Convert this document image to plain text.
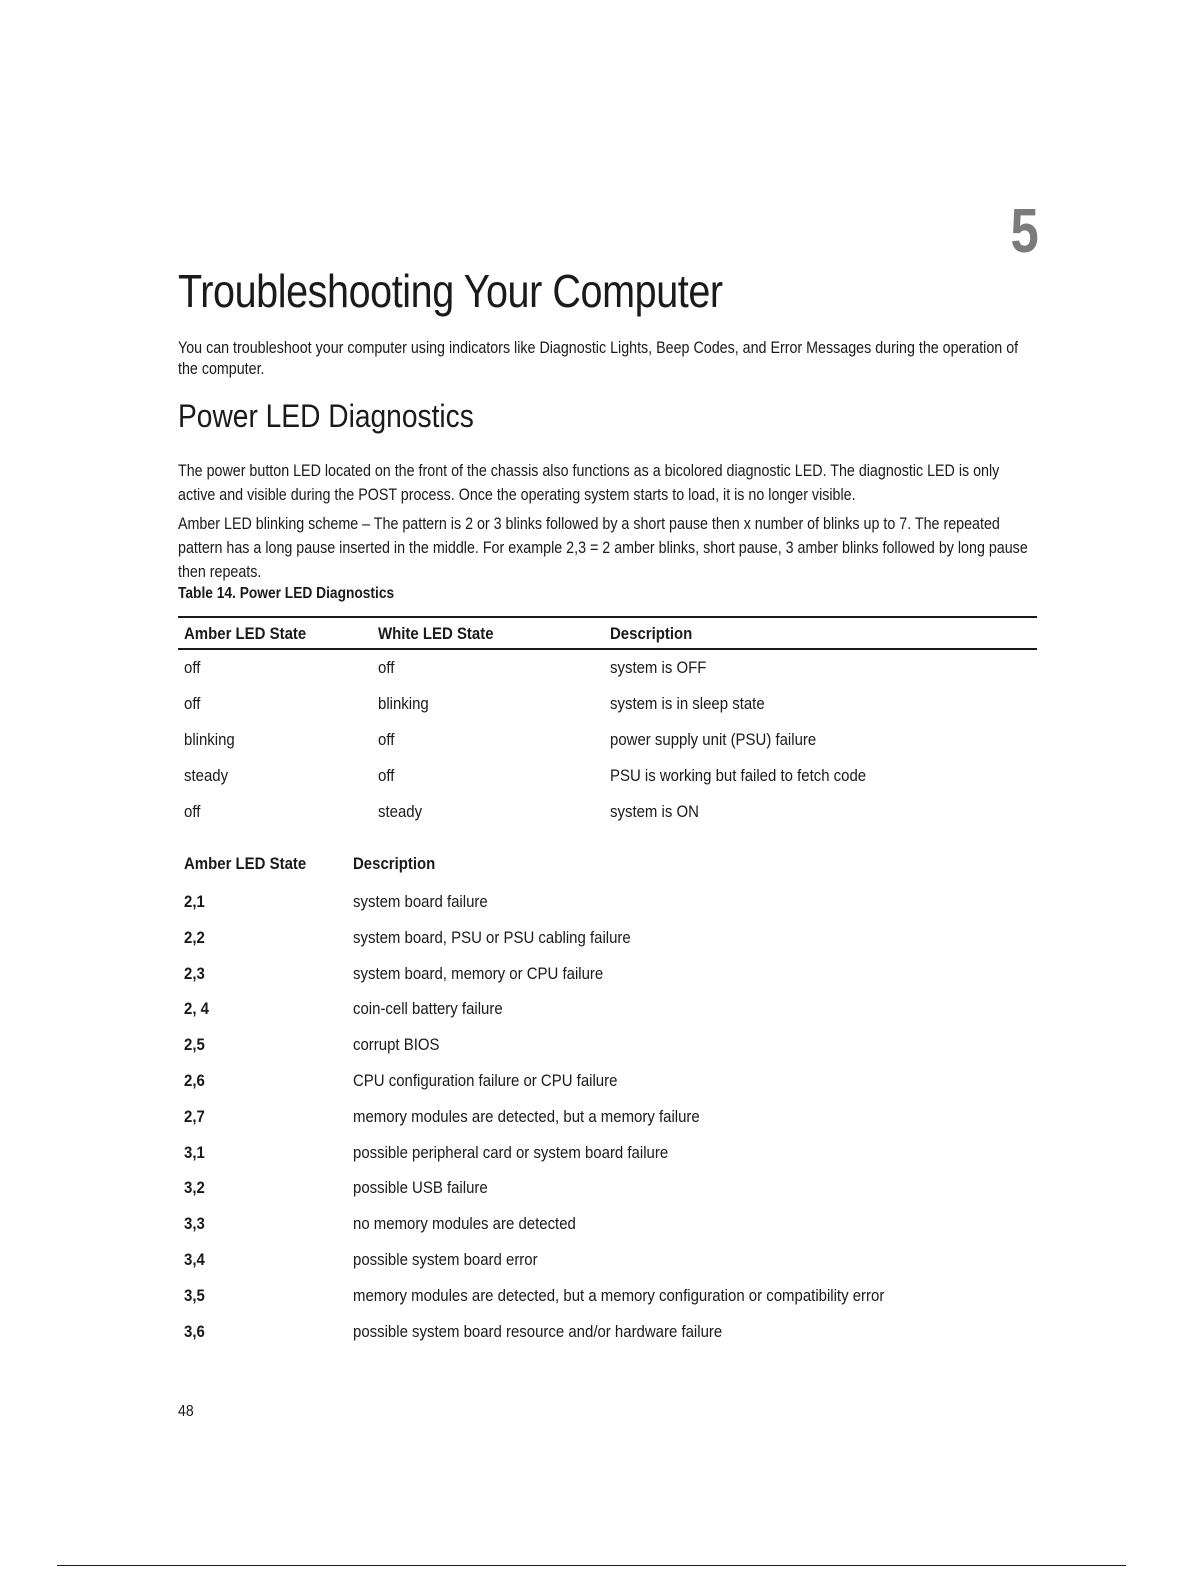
5
Troubleshooting Your Computer

You can troubleshoot your computer using indicators like Diagnostic Lights, Beep Codes, and Error Messages during the operation of the computer.

Power LED Diagnostics

The power button LED located on the front of the chassis also functions as a bicolored diagnostic LED. The diagnostic LED is only active and visible during the POST process. Once the operating system starts to load, it is no longer visible.

Amber LED blinking scheme – The pattern is 2 or 3 blinks followed by a short pause then x number of blinks up to 7. The repeated pattern has a long pause inserted in the middle. For example 2,3 = 2 amber blinks, short pause, 3 amber blinks followed by long pause then repeats.

Table 14. Power LED Diagnostics

Amber LED State	White LED State	Description
off	off	system is OFF
off	blinking	system is in sleep state
blinking	off	power supply unit (PSU) failure
steady	off	PSU is working but failed to fetch code
off	steady	system is ON
Amber LED State	Description
2,1	system board failure
2,2	system board, PSU or PSU cabling failure
2,3	system board, memory or CPU failure
2, 4	coin-cell battery failure
2,5	corrupt BIOS
2,6	CPU configuration failure or CPU failure
2,7	memory modules are detected, but a memory failure
3,1	possible peripheral card or system board failure
3,2	possible USB failure
3,3	no memory modules are detected
3,4	possible system board error
3,5	memory modules are detected, but a memory configuration or compatibility error
3,6	possible system board resource and/or hardware failure

48
